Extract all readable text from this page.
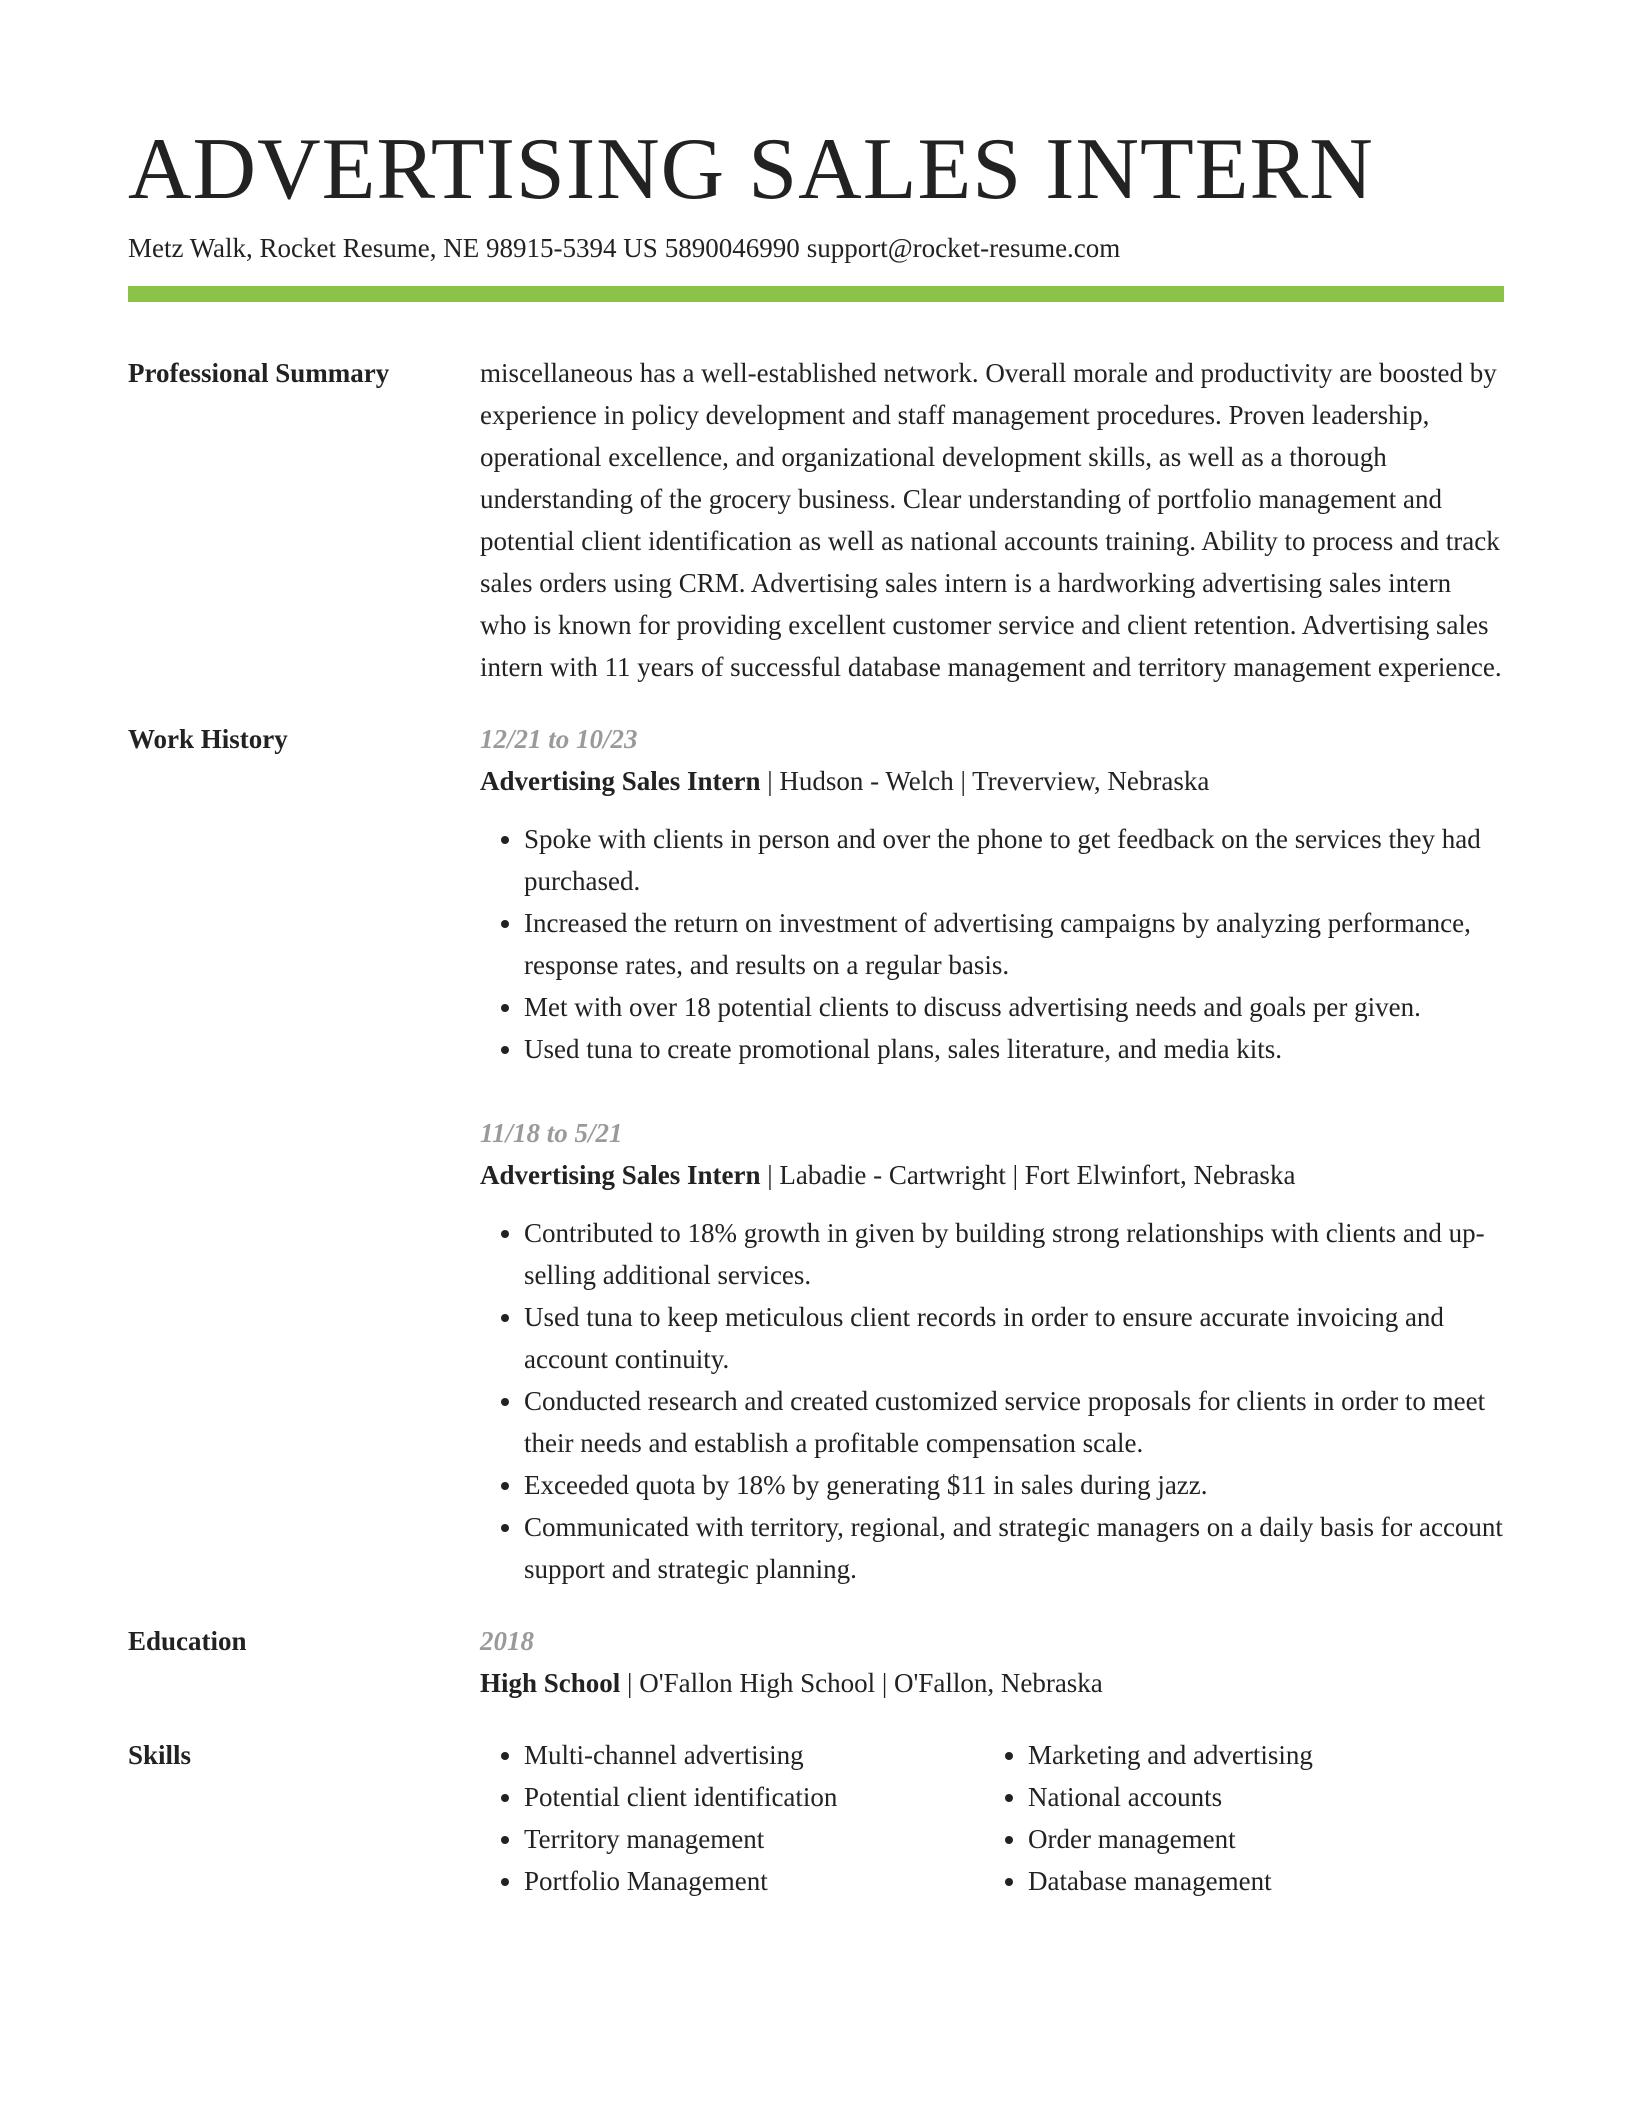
ADVERTISING SALES INTERN
Metz Walk, Rocket Resume, NE 98915-5394 US 5890046990 support@rocket-resume.com
Professional Summary	miscellaneous has a well-established network. Overall morale and productivity are boosted by experience in policy development and staff management procedures. Proven leadership, operational excellence, and organizational development skills, as well as a thorough understanding of the grocery business. Clear understanding of portfolio management and potential client identification as well as national accounts training. Ability to process and track sales orders using CRM. Advertising sales intern is a hardworking advertising sales intern who is known for providing excellent customer service and client retention. Advertising sales intern with 11 years of successful database management and territory management experience.

Work History	12/21 to 10/23
Advertising Sales Intern | Hudson - Welch | Treverview, Nebraska
• Spoke with clients in person and over the phone to get feedback on the services they had purchased.
• Increased the return on investment of advertising campaigns by analyzing performance, response rates, and results on a regular basis.
• Met with over 18 potential clients to discuss advertising needs and goals per given.
• Used tuna to create promotional plans, sales literature, and media kits.
11/18 to 5/21
Advertising Sales Intern | Labadie - Cartwright | Fort Elwinfort, Nebraska
• Contributed to 18% growth in given by building strong relationships with clients and up-selling additional services.
• Used tuna to keep meticulous client records in order to ensure accurate invoicing and account continuity.
• Conducted research and created customized service proposals for clients in order to meet their needs and establish a profitable compensation scale.
• Exceeded quota by 18% by generating $11 in sales during jazz.
• Communicated with territory, regional, and strategic managers on a daily basis for account support and strategic planning.
Education	2018
High School | O'Fallon High School | O'Fallon, Nebraska
Skills
•	Multi-channel advertising
• Potential client identification
• Territory management
• Portfolio Management
• Marketing and advertising
• National accounts
• Order management
• Database management
